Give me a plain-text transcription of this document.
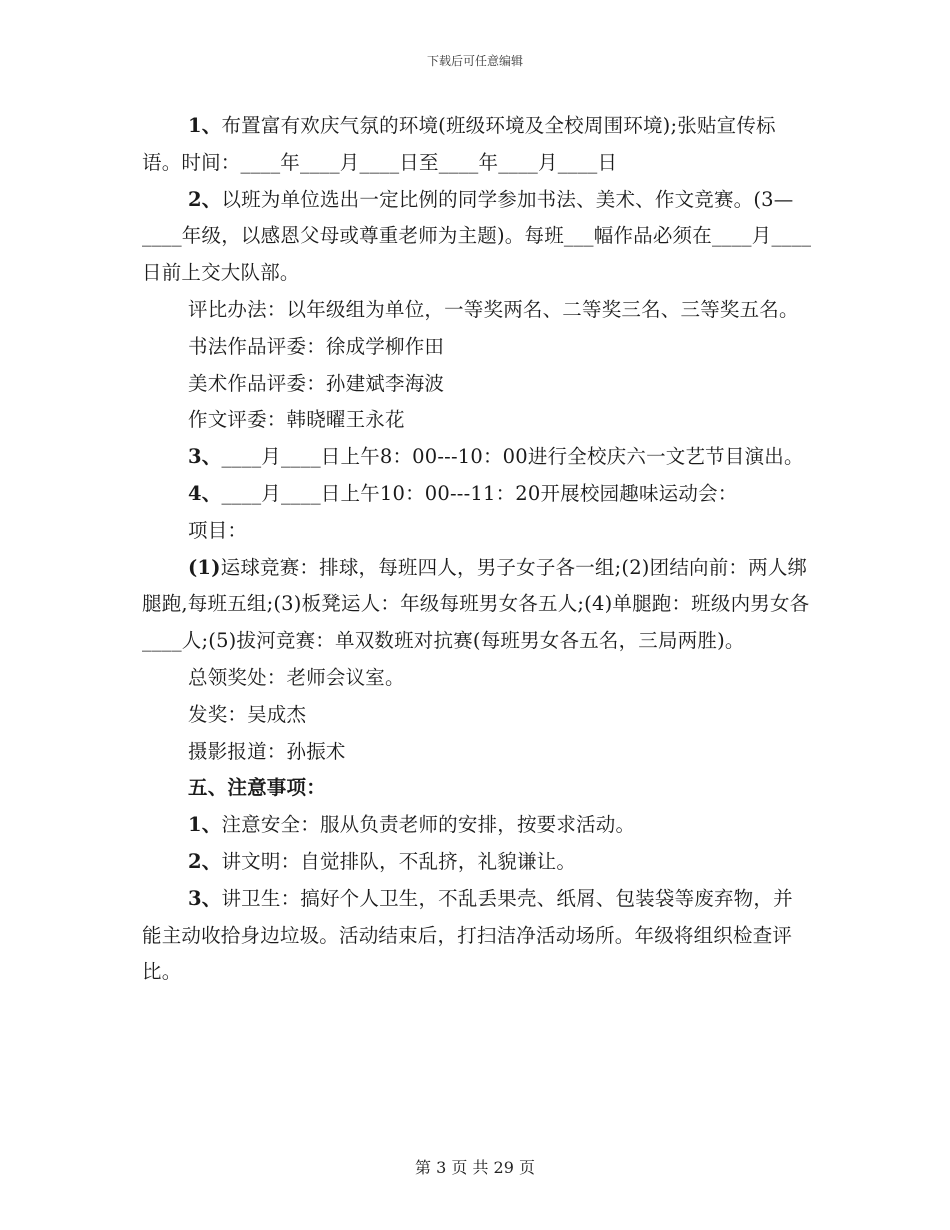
下载后可任意编辑

1、布置富有欢庆气氛的环境(班级环境及全校周围环境);张贴宣传标语。时间：____年____月____日至____年____月____日

2、以班为单位选出一定比例的同学参加书法、美术、作文竞赛。(3—____年级，以感恩父母或尊重老师为主题)。每班___幅作品必须在____月____日前上交大队部。

评比办法：以年级组为单位，一等奖两名、二等奖三名、三等奖五名。

书法作品评委：徐成学柳作田

美术作品评委：孙建斌李海波

作文评委：韩晓曜王永花

3、____月____日上午8：00---10：00进行全校庆六一文艺节目演出。

4、____月____日上午10：00---11：20开展校园趣味运动会：

项目：

(1)运球竞赛：排球，每班四人，男子女子各一组;(2)团结向前：两人绑腿跑,每班五组;(3)板凳运人：年级每班男女各五人;(4)单腿跑：班级内男女各____人;(5)拔河竞赛：单双数班对抗赛(每班男女各五名，三局两胜)。

总领奖处：老师会议室。

发奖：吴成杰

摄影报道：孙振术

五、注意事项：

1、注意安全：服从负责老师的安排，按要求活动。

2、讲文明：自觉排队，不乱挤，礼貌谦让。

3、讲卫生：搞好个人卫生，不乱丢果壳、纸屑、包装袋等废弃物，并能主动收拾身边垃圾。活动结束后，打扫洁净活动场所。年级将组织检查评比。

第 3 页 共 29 页
